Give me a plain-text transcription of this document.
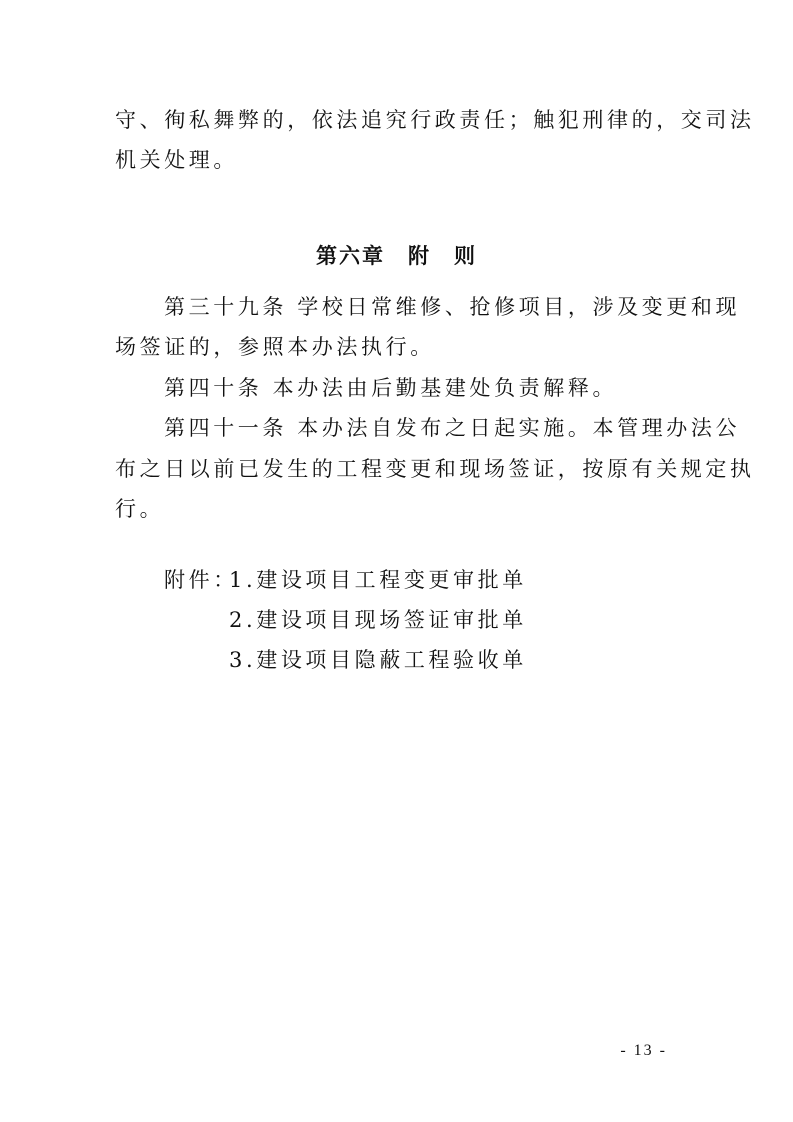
守、徇私舞弊的，依法追究行政责任；触犯刑律的，交司法
机关处理。
第六章　附　则
第三十九条 学校日常维修、抢修项目，涉及变更和现
场签证的，参照本办法执行。
第四十条 本办法由后勤基建处负责解释。
第四十一条 本办法自发布之日起实施。本管理办法公
布之日以前已发生的工程变更和现场签证，按原有关规定执
行。
附件：
1.建设项目工程变更审批单
2.建设项目现场签证审批单
3.建设项目隐蔽工程验收单
- 13 -
